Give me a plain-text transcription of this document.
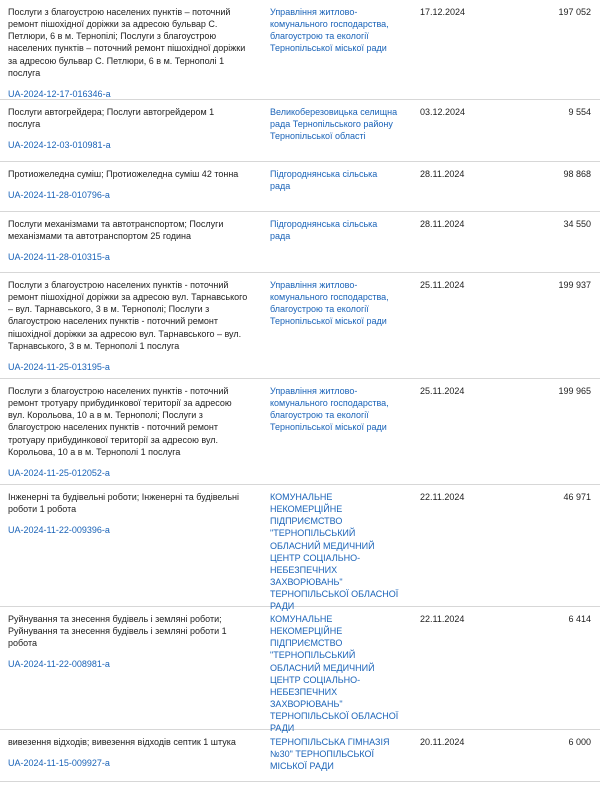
Послуги з благоустрою населених пунктів – поточний ремонт пішохідної доріжки за адресою бульвар С. Петлюри, 6 в м. Тернопілі; Послуги з благоустрою населених пунктів – поточний ремонт пішохідної доріжки за адресою бульвар С. Петлюри, 6 в м. Тернополі 1 послуга
UA-2024-12-17-016346-a
Управління житлово-комунального господарства, благоустрою та екології Тернопільської міської ради
17.12.2024	197 052
Послуги автогрейдера; Послуги автогрейдером 1 послуга
UA-2024-12-03-010981-a
Великоберезовицька селищна рада Тернопільського району Тернопільської області
03.12.2024	9 554
Протиожеледна суміш; Протиожеледна суміш 42 тонна
UA-2024-11-28-010796-a
Підгороднянська сільська рада
28.11.2024	98 868
Послуги механізмами та автотранспортом; Послуги механізмами та автотранспортом 25 година
UA-2024-11-28-010315-a
Підгороднянська сільська рада
28.11.2024	34 550
Послуги з благоустрою населених пунктів - поточний ремонт пішохідної доріжки за адресою вул. Тарнавського – вул. Тарнавського, 3 в м. Тернополі; Послуги з благоустрою населених пунктів - поточний ремонт пішохідної доріжки за адресою вул. Тарнавського – вул. Тарнавського, 3 в м. Тернополі 1 послуга
UA-2024-11-25-013195-a
Управління житлово-комунального господарства, благоустрою та екології Тернопільської міської ради
25.11.2024	199 937
Послуги з благоустрою населених пунктів - поточний ремонт тротуару прибудинкової території за адресою вул. Корольова, 10 а в м. Тернополі; Послуги з благоустрою населених пунктів - поточний ремонт тротуару прибудинкової території за адресою вул. Корольова, 10 а в м. Тернополі 1 послуга
UA-2024-11-25-012052-a
Управління житлово-комунального господарства, благоустрою та екології Тернопільської міської ради
25.11.2024	199 965
Інженерні та будівельні роботи; Інженерні та будівельні роботи 1 робота
UA-2024-11-22-009396-a
КОМУНАЛЬНЕ НЕКОМЕРЦІЙНЕ ПІДПРИЄМСТВО "ТЕРНОПІЛЬСЬКИЙ ОБЛАСНИЙ МЕДИЧНИЙ ЦЕНТР СОЦІАЛЬНО-НЕБЕЗПЕЧНИХ ЗАХВОРЮВАНЬ" ТЕРНОПІЛЬСЬКОЇ ОБЛАСНОЇ РАДИ
22.11.2024	46 971
Руйнування та знесення будівель і земляні роботи; Руйнування та знесення будівель і земляні роботи 1 робота
UA-2024-11-22-008981-a
КОМУНАЛЬНЕ НЕКОМЕРЦІЙНЕ ПІДПРИЄМСТВО "ТЕРНОПІЛЬСЬКИЙ ОБЛАСНИЙ МЕДИЧНИЙ ЦЕНТР СОЦІАЛЬНО-НЕБЕЗПЕЧНИХ ЗАХВОРЮВАНЬ" ТЕРНОПІЛЬСЬКОЇ ОБЛАСНОЇ РАДИ
22.11.2024	6 414
вивезення відходів; вивезення відходів септик 1 штука
UA-2024-11-15-009927-a
ТЕРНОПІЛЬСЬКА ГІМНАЗІЯ №30" ТЕРНОПІЛЬСЬКОЇ МІСЬКОЇ РАДИ
20.11.2024	6 000
